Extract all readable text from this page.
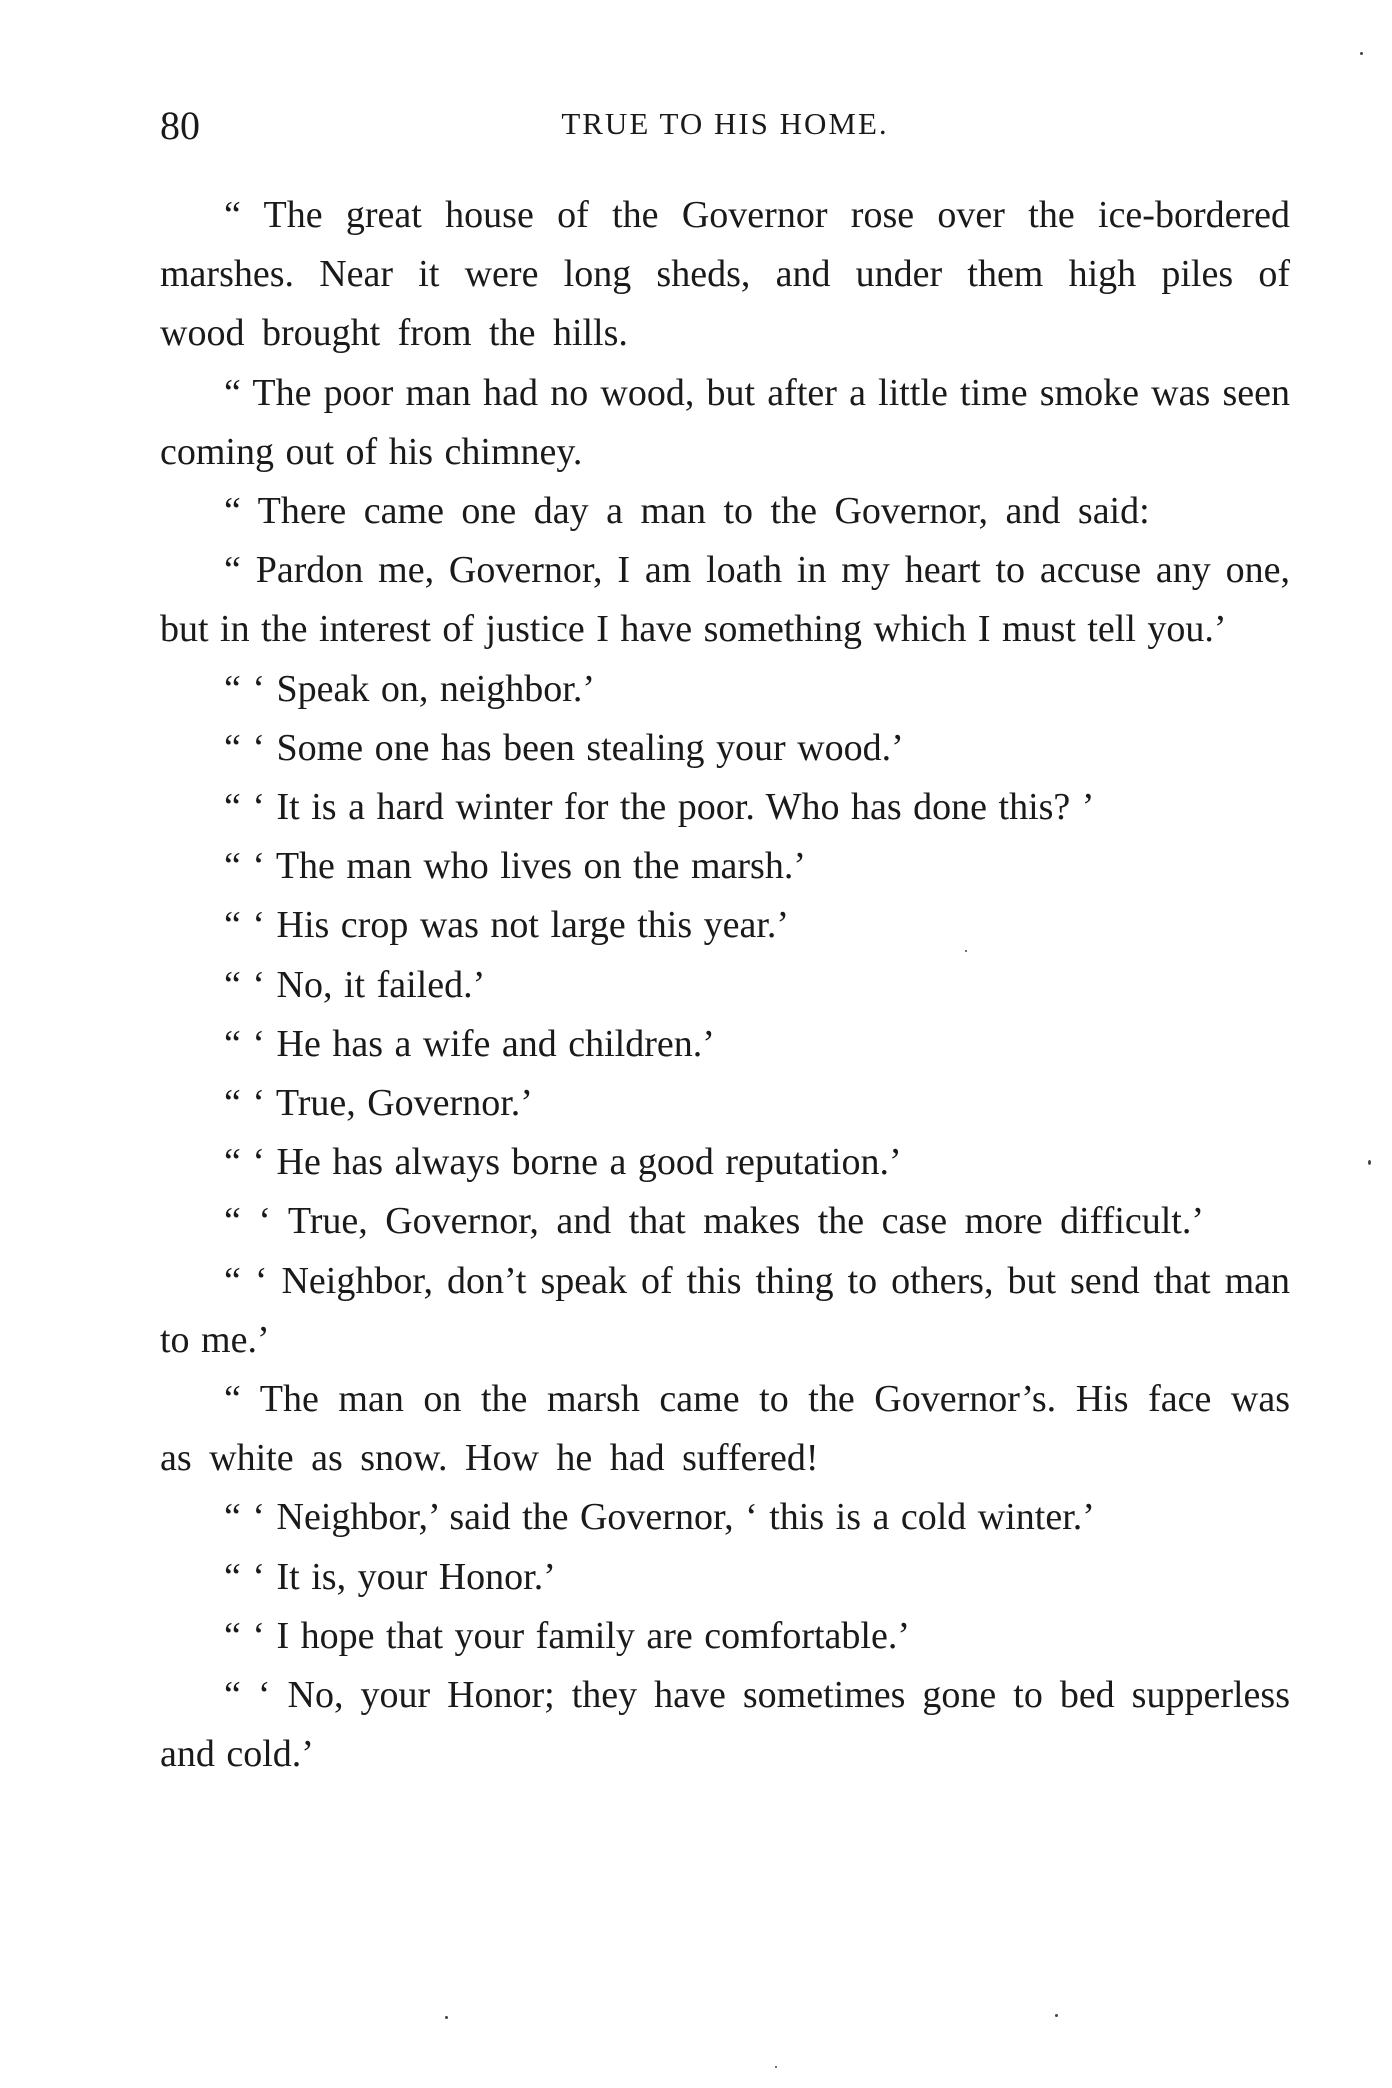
80	TRUE TO HIS HOME.

“ The great house of the Governor rose over the ice-bordered marshes. Near it were long sheds, and under them high piles of wood brought from the hills.

“ The poor man had no wood, but after a little time smoke was seen coming out of his chimney.

“ There came one day a man to the Governor, and said:

“ Pardon me, Governor, I am loath in my heart to accuse any one, but in the interest of justice I have something which I must tell you.’

“ ‘ Speak on, neighbor.’

“ ‘ Some one has been stealing your wood.’

“ ‘ It is a hard winter for the poor. Who has done this? ’

“ ‘ The man who lives on the marsh.’

“ ‘ His crop was not large this year.’

“ ‘ No, it failed.’

“ ‘ He has a wife and children.’

“ ‘ True, Governor.’

“ ‘ He has always borne a good reputation.’

“ ‘ True, Governor, and that makes the case more difficult.’

“ ‘ Neighbor, don’t speak of this thing to others, but send that man to me.’

“ The man on the marsh came to the Governor’s. His face was as white as snow. How he had suffered!

“ ‘ Neighbor,’ said the Governor, ‘ this is a cold winter.’

“ ‘ It is, your Honor.’

“ ‘ I hope that your family are comfortable.’

“ ‘ No, your Honor; they have sometimes gone to bed supperless and cold.’
